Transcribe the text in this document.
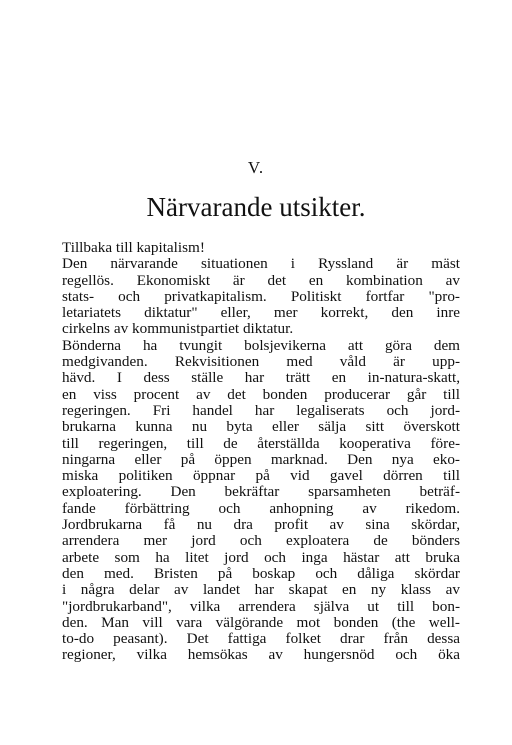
V.
Närvarande utsikter.
Tillbaka till kapitalism!
Den närvarande situationen i Ryssland är mäst
regellös. Ekonomiskt är det en kombination av
stats- och privatkapitalism. Politiskt fortfar "pro-
letariatets diktatur" eller, mer korrekt, den inre
cirkelns av kommunistpartiet diktatur.
Bönderna ha tvungit bolsjevikerna att göra dem
medgivanden. Rekvisitionen med våld är upp-
hävd. I dess ställe har trätt en in-natura-skatt,
en viss procent av det bonden producerar går till
regeringen. Fri handel har legaliserats och jord-
brukarna kunna nu byta eller sälja sitt överskott
till regeringen, till de återställda kooperativa före-
ningarna eller på öppen marknad. Den nya eko-
miska politiken öppnar på vid gavel dörren till
exploatering. Den bekräftar sparsamheten beträf-
fande förbättring och anhopning av rikedom.
Jordbrukarna få nu dra profit av sina skördar,
arrendera mer jord och exploatera de bönders
arbete som ha litet jord och inga hästar att bruka
den med. Bristen på boskap och dåliga skördar
i några delar av landet har skapat en ny klass av
"jordbrukarband", vilka arrendera själva ut till bon-
den. Man vill vara välgörande mot bonden (the well-
to-do peasant). Det fattiga folket drar från dessa
regioner, vilka hemsökas av hungersnöd och öka
